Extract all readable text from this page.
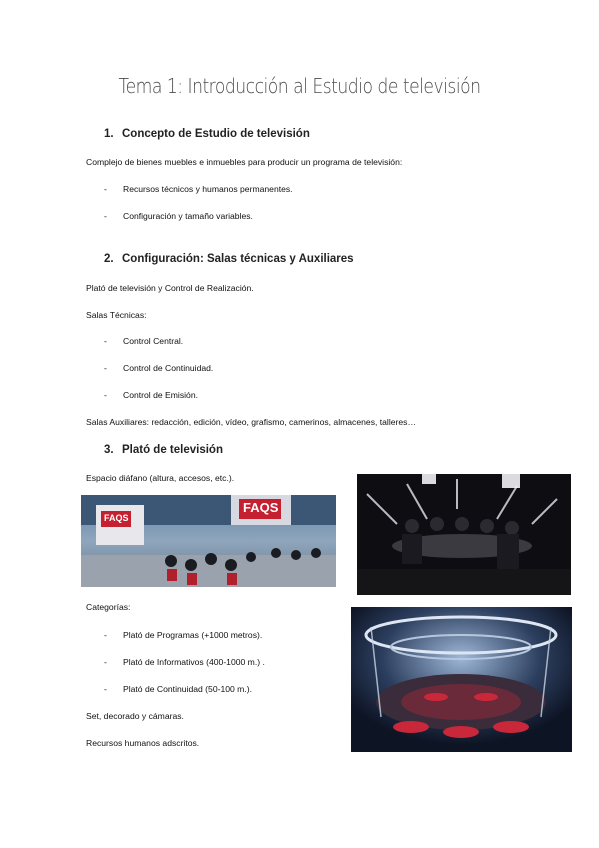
Tema 1: Introducción al Estudio de televisión
1. Concepto de Estudio de televisión
Complejo de bienes muebles e inmuebles para producir un programa de televisión:
- Recursos técnicos y humanos permanentes.
- Configuración y tamaño variables.
2. Configuración: Salas técnicas y Auxiliares
Plató de televisión y Control de Realización.
Salas Técnicas:
- Control Central.
- Control de Continuidad.
- Control de Emisión.
Salas Auxiliares: redacción, edición, vídeo, grafismo, camerinos, almacenes, talleres…
3. Plató de televisión
Espacio diáfano (altura, accesos, etc.).
FAQS
FAQS
Categorías:
- Plató de Programas (+1000 metros).
- Plató de Informativos (400-1000 m.) .
- Plató de Continuidad (50-100 m.).
Set, decorado y cámaras.
Recursos humanos adscritos.
